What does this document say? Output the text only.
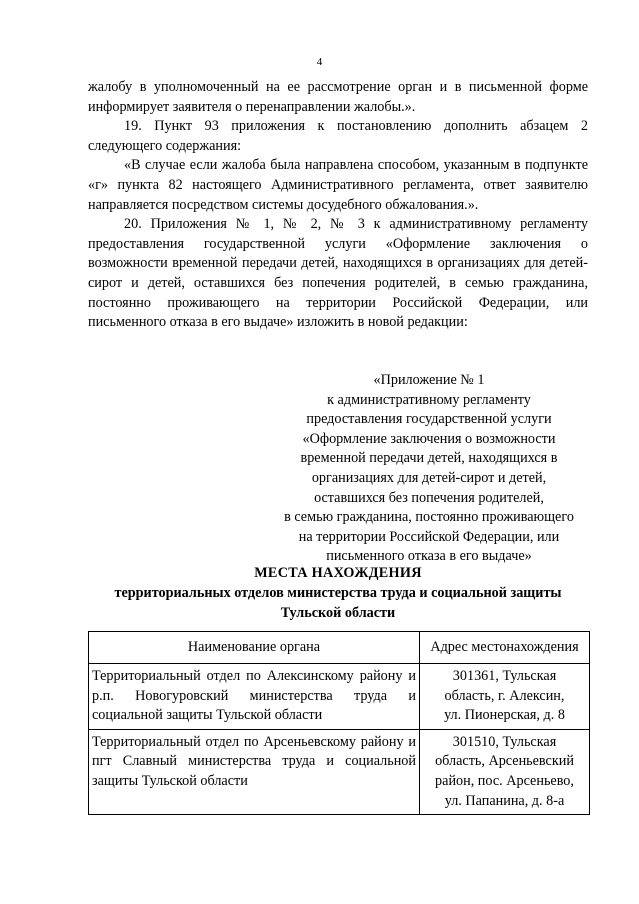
4

жалобу в уполномоченный на ее рассмотрение орган и в письменной форме информирует заявителя о перенаправлении жалобы.».

19. Пункт 93 приложения к постановлению дополнить абзацем 2 следующего содержания:

«В случае если жалоба была направлена способом, указанным в подпункте «г» пункта 82 настоящего Административного регламента, ответ заявителю направляется посредством системы досудебного обжалования.».

20. Приложения № 1, № 2, № 3 к административному регламенту предоставления государственной услуги «Оформление заключения о возможности временной передачи детей, находящихся в организациях для детей-сирот и детей, оставшихся без попечения родителей, в семью гражданина, постоянно проживающего на территории Российской Федерации, или письменного отказа в его выдаче» изложить в новой редакции:

«Приложение № 1
к административному регламенту
предоставления государственной услуги
«Оформление заключения о возможности
временной передачи детей, находящихся в
организациях для детей-сирот и детей,
оставшихся без попечения родителей,
в семью гражданина, постоянно проживающего
на территории Российской Федерации, или
письменного отказа в его выдаче»
МЕСТА НАХОЖДЕНИЯ
территориальных отделов министерства труда и социальной защиты
Тульской области
Наименование органа	Адрес местонахождения
Территориальный отдел по Алексинскому району и р.п. Новогуровский министерства труда и социальной защиты Тульской области	301361, Тульская
область, г. Алексин,
ул. Пионерская, д. 8

Территориальный отдел по Арсеньевскому району и пгт Славный министерства труда и социальной защиты Тульской области	301510, Тульская
область, Арсеньевский
район, пос. Арсеньево,
ул. Папанина, д. 8-а
